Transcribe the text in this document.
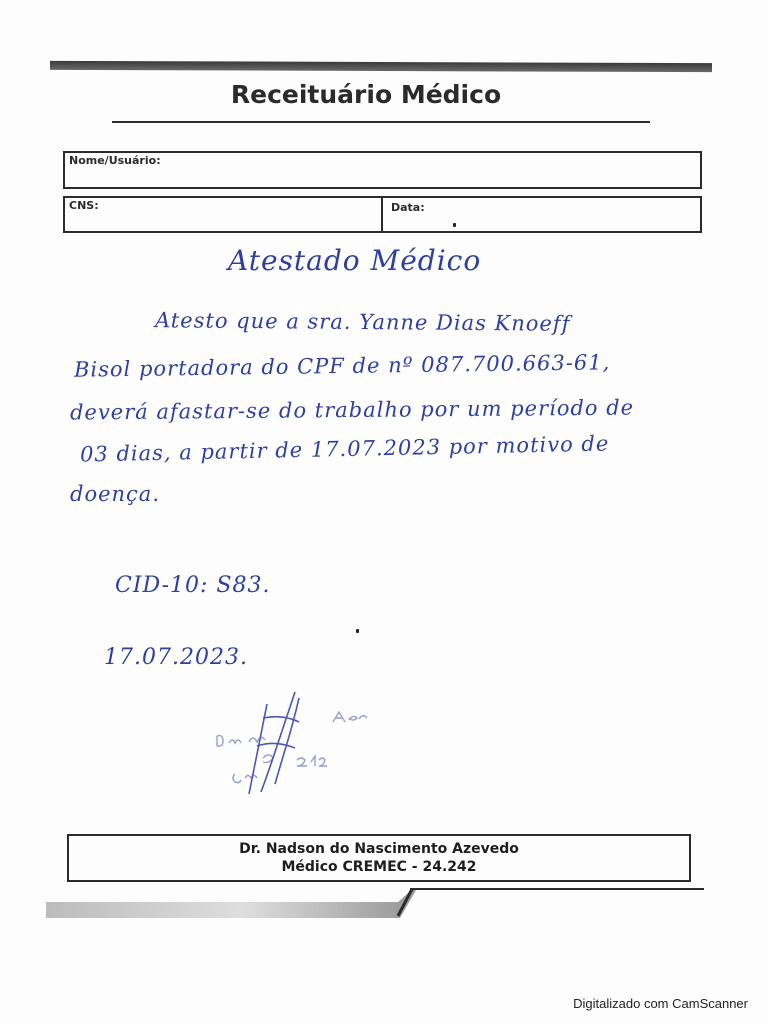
Receituário Médico
Nome/Usuário:
CNS:	Data:
Atestado Médico
Atesto que a sra. Yanne Dias Knoeff
Bisol portadora do CPF de nº 087.700.663-61,
deverá afastar-se do trabalho por um período de
03 dias, a partir de 17.07.2023 por motivo de
doença.
CID-10: S83.
17.07.2023.
Dr. Nadson do Nascimento Azevedo
Médico CREMEC - 24.242
Digitalizado com CamScanner
